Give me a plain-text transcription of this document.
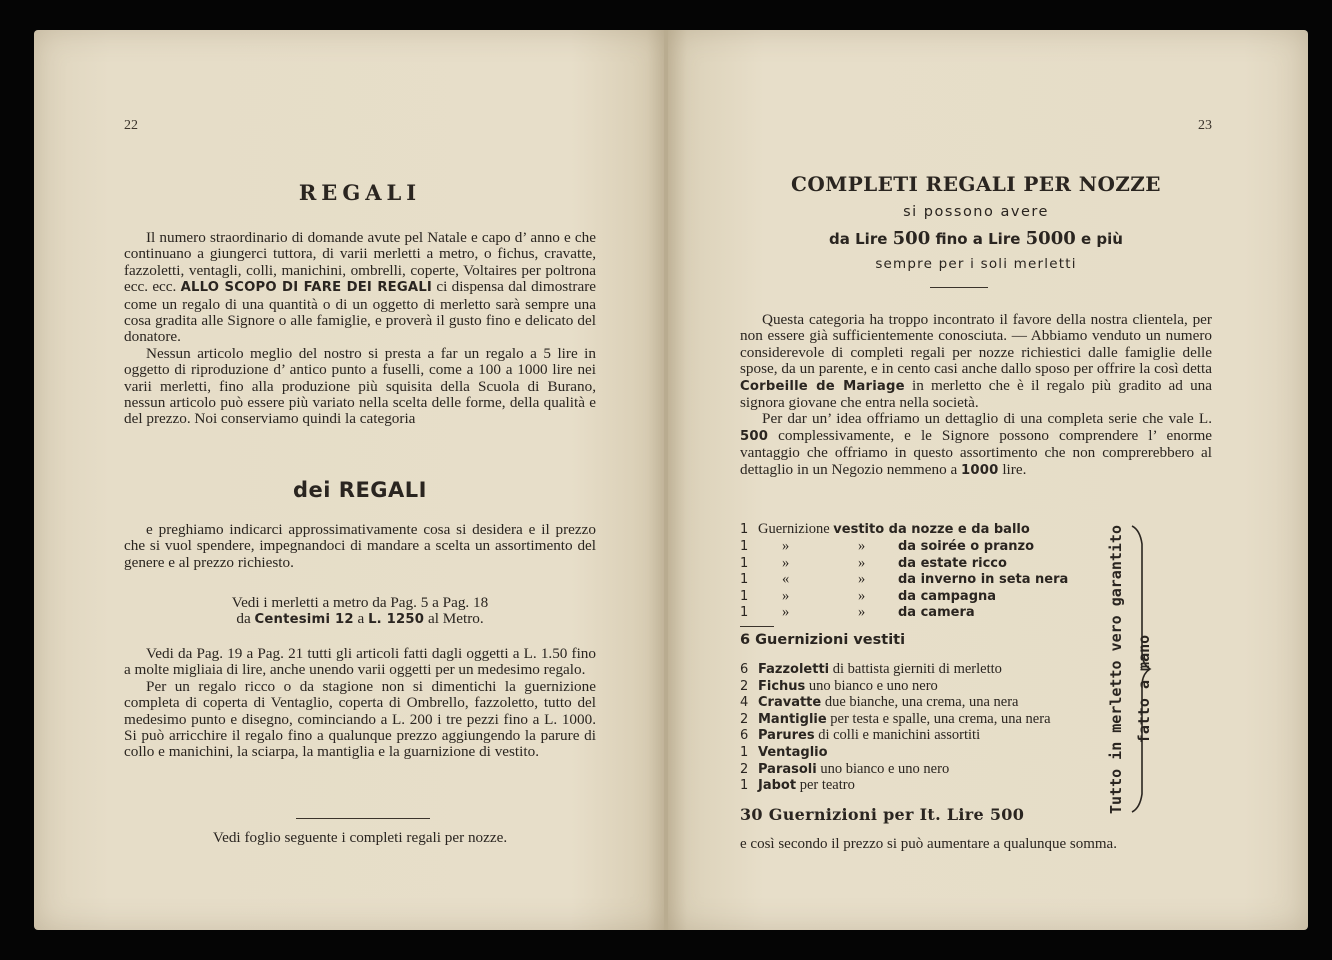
22
REGALI

Il numero straordinario di domande avute pel Natale e capo d’ anno e che continuano a giungerci tuttora, di varii merletti a metro, o fichus, cravatte, fazzoletti, ventagli, colli, manichini, ombrelli, coperte, Voltaires per poltrona ecc. ecc. ALLO SCOPO DI FARE DEI REGALI ci dispensa dal dimostrare come un regalo di una quantità o di un oggetto di merletto sarà sempre una cosa gradita alle Signore o alle famiglie, e proverà il gusto fino e delicato del donatore.

Nessun articolo meglio del nostro si presta a far un regalo a 5 lire in oggetto di riproduzione d’ antico punto a fuselli, come a 100 a 1000 lire nei varii merletti, fino alla produzione più squisita della Scuola di Burano, nessun articolo può essere più variato nella scelta delle forme, della qualità e del prezzo. Noi conserviamo quindi la categoria

dei REGALI

e preghiamo indicarci approssimativamente cosa si desidera e il prezzo che si vuol spendere, impegnandoci di mandare a scelta un assortimento del genere e al prezzo richiesto.

Vedi i merletti a metro da Pag. 5 a Pag. 18
da Centesimi 12 a L. 1250 al Metro.

Vedi da Pag. 19 a Pag. 21 tutti gli articoli fatti dagli oggetti a L. 1.50 fino a molte migliaia di lire, anche unendo varii oggetti per un medesimo regalo.

Per un regalo ricco o da stagione non si dimentichi la guernizione completa di coperta di Ventaglio, coperta di Ombrello, fazzoletto, tutto del medesimo punto e disegno, cominciando a L. 200 i tre pezzi fino a L. 1000. Si può arricchire il regalo fino a qualunque prezzo aggiungendo la parure di collo e manichini, la sciarpa, la mantiglia e la guarnizione di vestito.

Vedi foglio seguente i completi regali per nozze.
23
COMPLETI REGALI PER NOZZE
si possono avere
da Lire 500 fino a Lire 5000 e più
sempre per i soli merletti

Questa categoria ha troppo incontrato il favore della nostra clientela, per non essere già sufficientemente conosciuta. — Abbiamo venduto un numero considerevole di completi regali per nozze richiestici dalle famiglie delle spose, da un parente, e in cento casi anche dallo sposo per offrire la così detta Corbeille de Mariage in merletto che è il regalo più gradito ad una signora giovane che entra nella società.

Per dar un’ idea offriamo un dettaglio di una completa serie che vale L. 500 complessivamente, e le Signore possono comprendere l’ enorme vantaggio che offriamo in questo assortimento che non comprerebbero al dettaglio in un Negozio nemmeno a 1000 lire.

1 Guernizione vestito da nozze e da ballo
1 »	»	da soirée o pranzo
1 »	»	da estate ricco
1 «	»	da inverno in seta nera
1 »	»	da campagna
1 »	»	da camera
6 Guernizioni vestiti
6 Fazzoletti di battista gierniti di merletto
2 Fichus uno bianco e uno nero
4 Cravatte due bianche, una crema, una nera
2 Mantiglie per testa e spalle, una crema, una nera
6 Parures di colli e manichini assortiti
1 Ventaglio
2 Parasoli uno bianco e uno nero
1 Jabot per teatro	Tutto in merletto vero garantito fatto a mano
30 Guernizioni per It. Lire 500
e così secondo il prezzo si può aumentare a qualunque somma.
